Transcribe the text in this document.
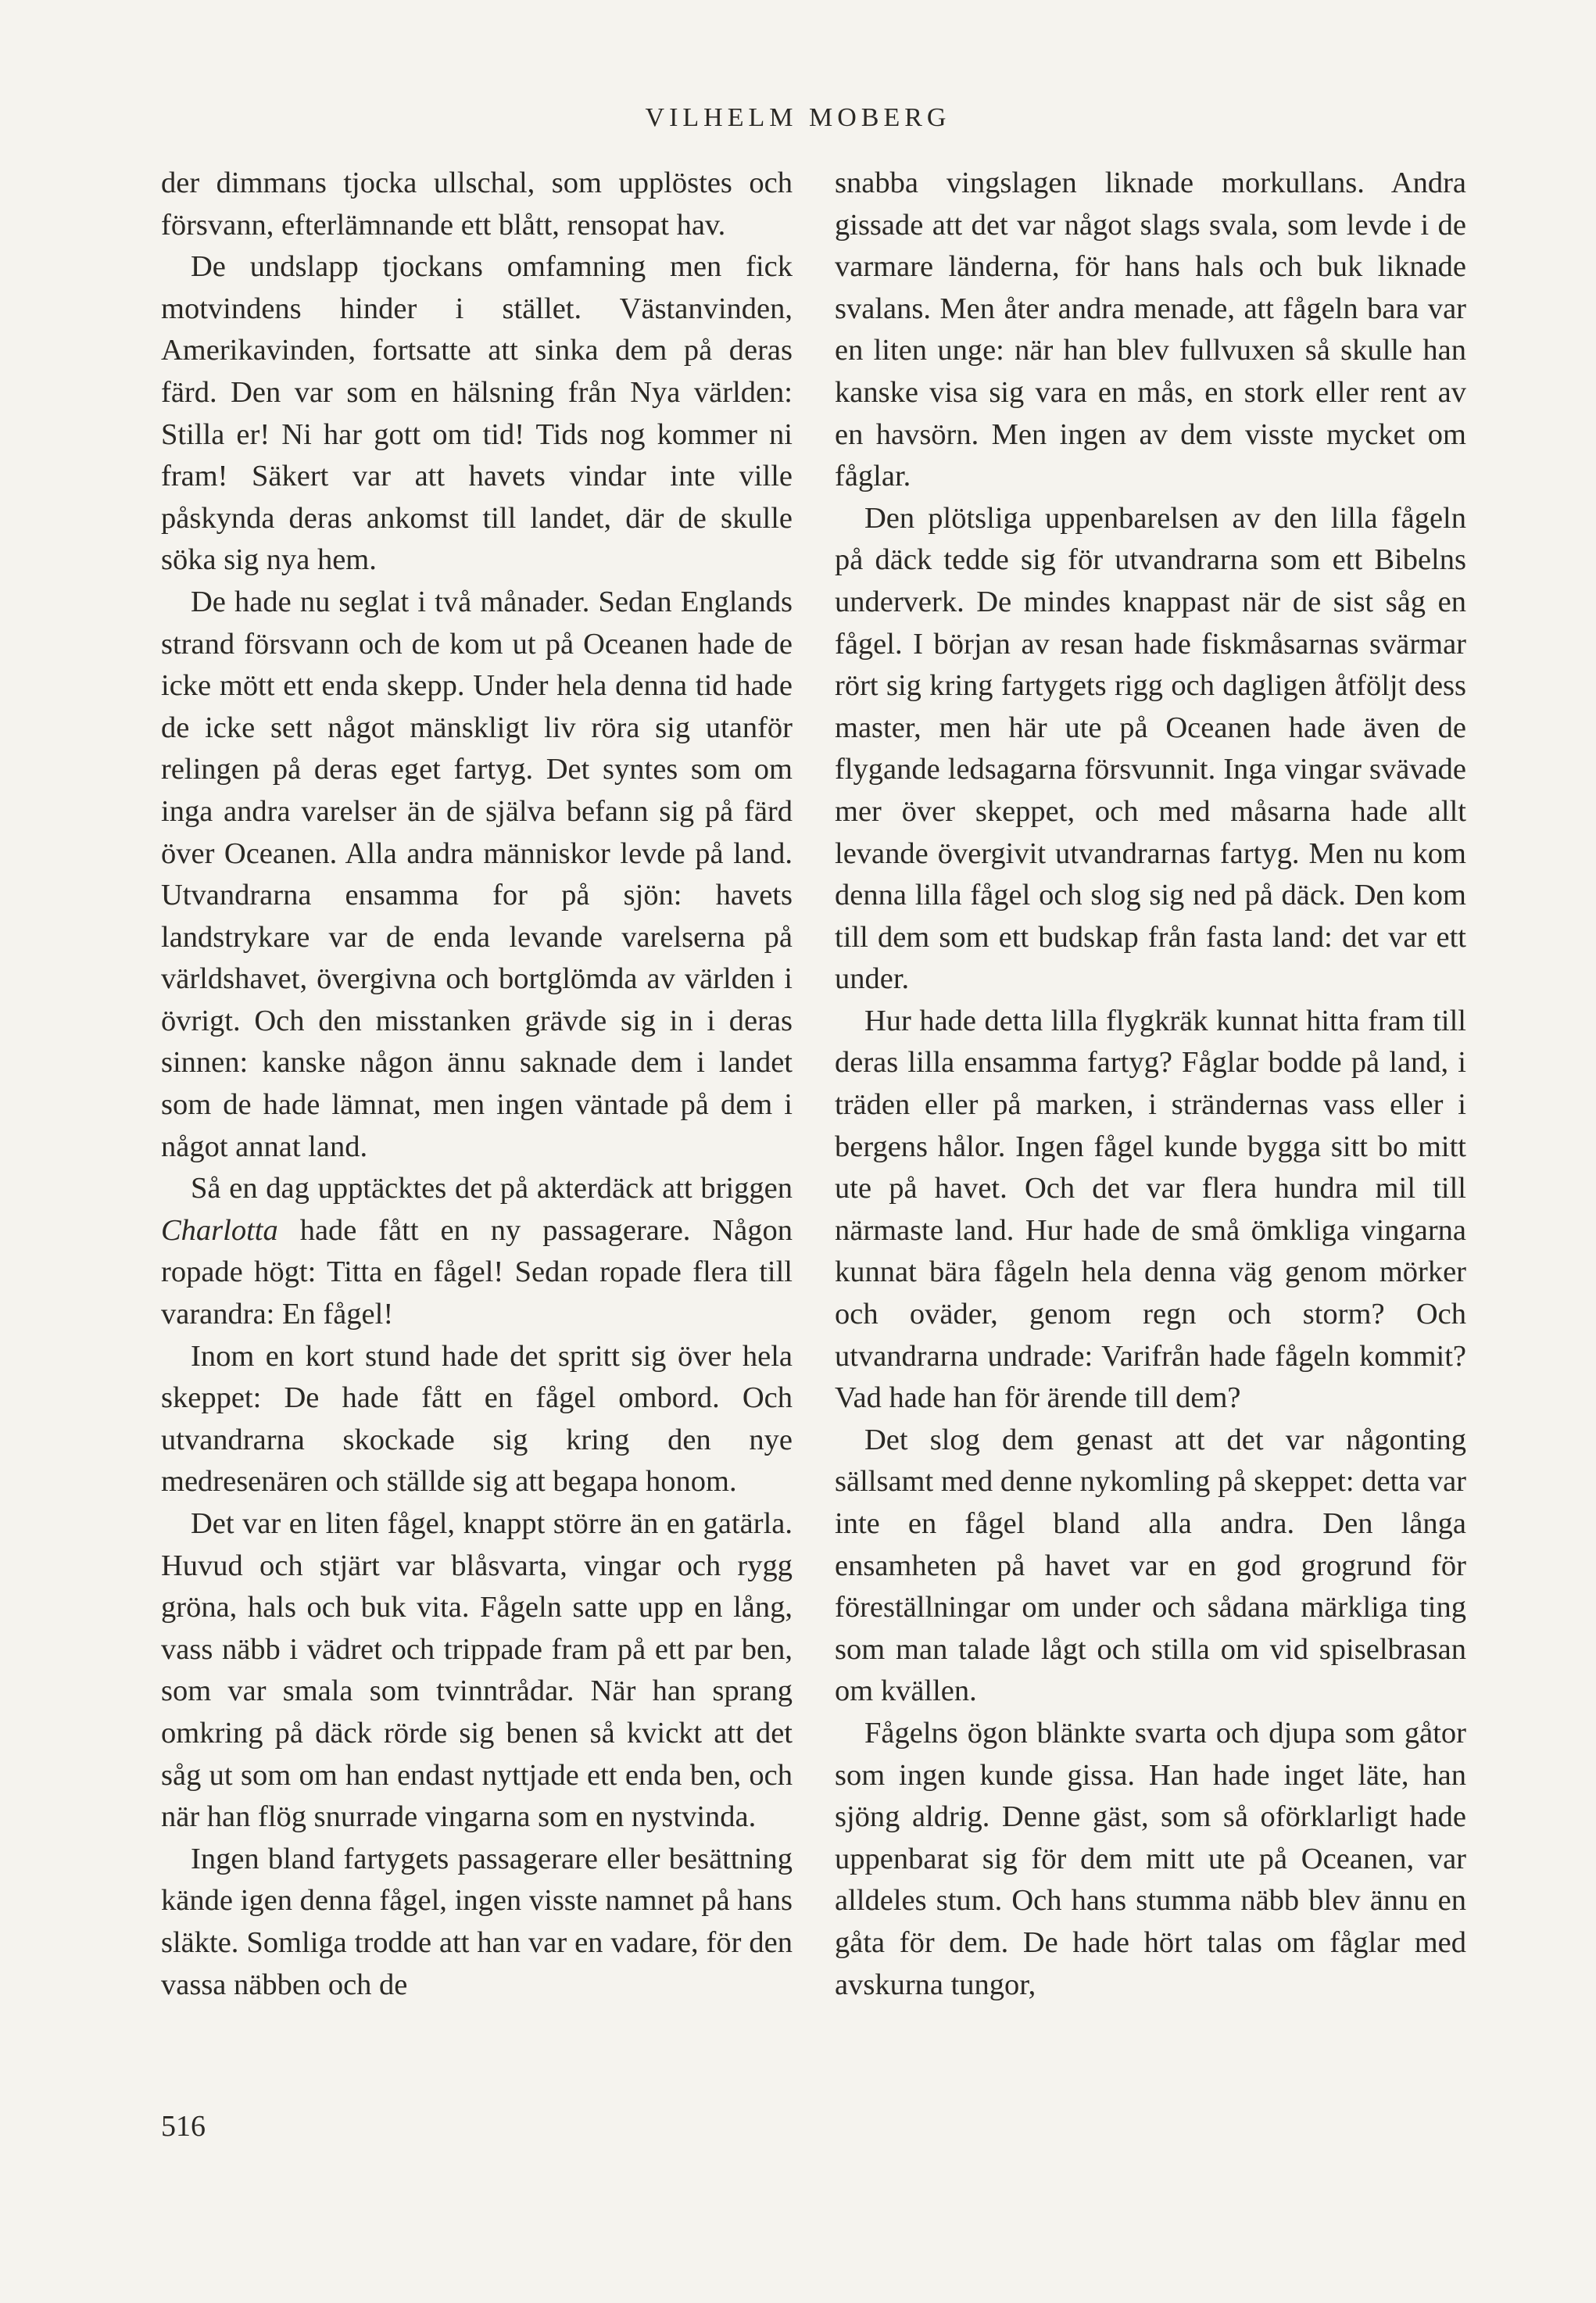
VILHELM MOBERG

der dimmans tjocka ullschal, som upplöstes och försvann, efterlämnande ett blått, rensopat hav.

De undslapp tjockans omfamning men fick motvindens hinder i stället. Västanvinden, Amerikavinden, fortsatte att sinka dem på deras färd. Den var som en hälsning från Nya världen: Stilla er! Ni har gott om tid! Tids nog kommer ni fram! Säkert var att havets vindar inte ville påskynda deras ankomst till landet, där de skulle söka sig nya hem.

De hade nu seglat i två månader. Sedan Englands strand försvann och de kom ut på Oceanen hade de icke mött ett enda skepp. Under hela denna tid hade de icke sett något mänskligt liv röra sig utanför relingen på deras eget fartyg. Det syntes som om inga andra varelser än de själva befann sig på färd över Oceanen. Alla andra människor levde på land. Utvandrarna ensamma for på sjön: havets landstrykare var de enda levande varelserna på världshavet, övergivna och bortglömda av världen i övrigt. Och den misstanken grävde sig in i deras sinnen: kanske någon ännu saknade dem i landet som de hade lämnat, men ingen väntade på dem i något annat land.

Så en dag upptäcktes det på akterdäck att briggen Charlotta hade fått en ny passagerare. Någon ropade högt: Titta en fågel! Sedan ropade flera till varandra: En fågel!

Inom en kort stund hade det spritt sig över hela skeppet: De hade fått en fågel ombord. Och utvandrarna skockade sig kring den nye medresenären och ställde sig att begapa honom.

Det var en liten fågel, knappt större än en gatärla. Huvud och stjärt var blåsvarta, vingar och rygg gröna, hals och buk vita. Fågeln satte upp en lång, vass näbb i vädret och trippade fram på ett par ben, som var smala som tvinntrådar. När han sprang omkring på däck rörde sig benen så kvickt att det såg ut som om han endast nyttjade ett enda ben, och när han flög snurrade vingarna som en nystvinda.

Ingen bland fartygets passagerare eller besättning kände igen denna fågel, ingen visste namnet på hans släkte. Somliga trodde att han var en vadare, för den vassa näbben och de

snabba vingslagen liknade morkullans. Andra gissade att det var något slags svala, som levde i de varmare länderna, för hans hals och buk liknade svalans. Men åter andra menade, att fågeln bara var en liten unge: när han blev fullvuxen så skulle han kanske visa sig vara en mås, en stork eller rent av en havsörn. Men ingen av dem visste mycket om fåglar.

Den plötsliga uppenbarelsen av den lilla fågeln på däck tedde sig för utvandrarna som ett Bibelns underverk. De mindes knappast när de sist såg en fågel. I början av resan hade fiskmåsarnas svärmar rört sig kring fartygets rigg och dagligen åtföljt dess master, men här ute på Oceanen hade även de flygande ledsagarna försvunnit. Inga vingar svävade mer över skeppet, och med måsarna hade allt levande övergivit utvandrarnas fartyg. Men nu kom denna lilla fågel och slog sig ned på däck. Den kom till dem som ett budskap från fasta land: det var ett under.

Hur hade detta lilla flygkräk kunnat hitta fram till deras lilla ensamma fartyg? Fåglar bodde på land, i träden eller på marken, i strändernas vass eller i bergens hålor. Ingen fågel kunde bygga sitt bo mitt ute på havet. Och det var flera hundra mil till närmaste land. Hur hade de små ömkliga vingarna kunnat bära fågeln hela denna väg genom mörker och oväder, genom regn och storm? Och utvandrarna undrade: Varifrån hade fågeln kommit? Vad hade han för ärende till dem?

Det slog dem genast att det var någonting sällsamt med denne nykomling på skeppet: detta var inte en fågel bland alla andra. Den långa ensamheten på havet var en god grogrund för föreställningar om under och sådana märkliga ting som man talade lågt och stilla om vid spiselbrasan om kvällen.

Fågelns ögon blänkte svarta och djupa som gåtor som ingen kunde gissa. Han hade inget läte, han sjöng aldrig. Denne gäst, som så oförklarligt hade uppenbarat sig för dem mitt ute på Oceanen, var alldeles stum. Och hans stumma näbb blev ännu en gåta för dem. De hade hört talas om fåglar med avskurna tungor,

516
